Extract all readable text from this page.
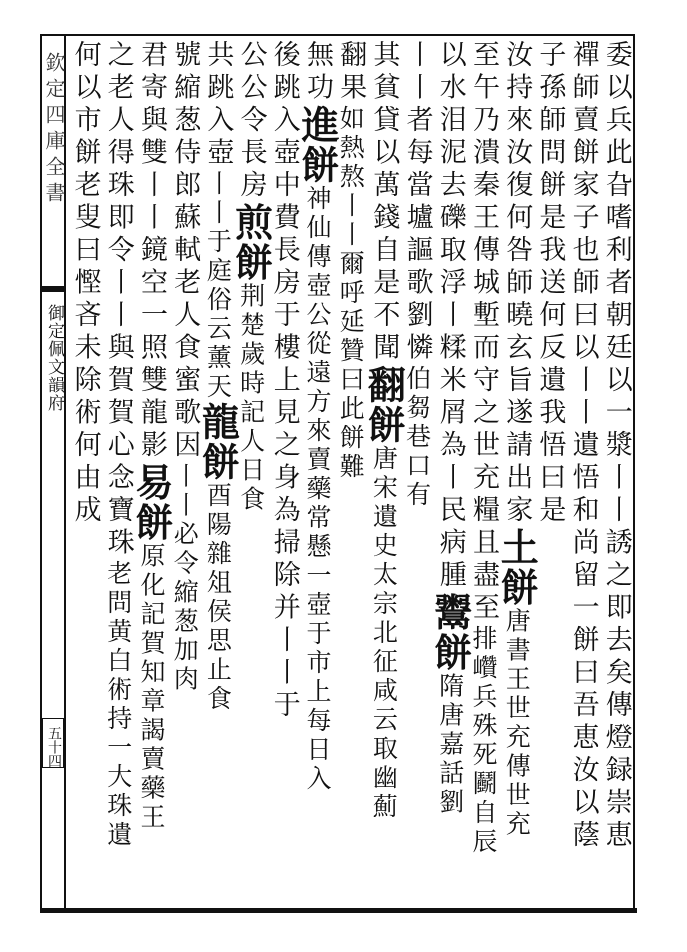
欽定四庫全書
御定佩文韻府
五十四	委以兵此旮嗜利者朝廷以一漿丨丨誘之即去矣傳燈録崇恵
禪師賣餅家子也師曰以丨丨遺悟和尚留一餅曰吾恵汝以蔭
子孫師問餅是我送何反遺我悟曰是
汝持來汝復何咎師曉玄旨遂請出家土餅唐書王世充傳世充
至午乃潰秦王傳城塹而守之世充糧且盡至排巑兵殊死鬬自辰
以水泪泥去礫取浮丨糅米屑為丨民病腫鬻餅隋唐嘉話劉
丨丨者每當壚謳歌劉憐伯芻巷口有
其貧貸以萬錢自是不聞翻餅唐宋遺史太宗北征咸云取幽薊
翻果如熱熬丨丨爾呼延贊曰此餅難
無功進餅神仙傳壺公從遠方來賣藥常懸一壺于市上每日入
後跳入壺中費長房于樓上見之身為掃除并丨丨于
公公令長房煎餅荆楚歲時記人日食
共跳入壺丨丨于庭俗云薰天龍餅酉陽雜俎侯思止食
號縮葱侍郎蘇軾老人食蜜歌因丨丨必令縮葱加肉
君寄與雙丨丨鏡空一照雙龍影易餅原化記賀知章謁賣藥王
之老人得珠即令丨丨與賀賀心念寶珠老問黄白術持一大珠遺
何以市餅老叟曰慳吝未除術何由成
